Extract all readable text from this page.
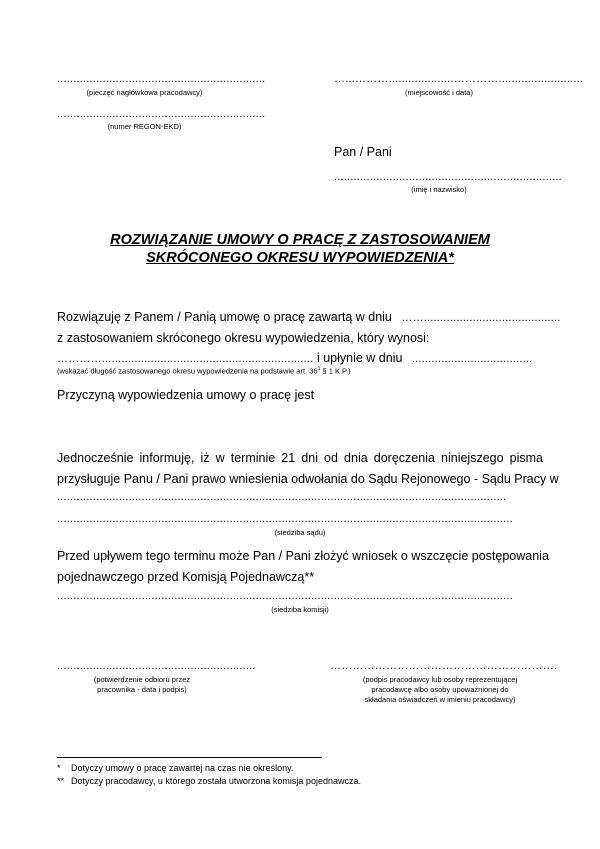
................................................................
(pieczęć nagłówkowa pracodawcy)
…...………....................…………..........................
(miejscowość i data)
................................................................
(numer REGON-EKD)
Pan / Pani
......................................................................
(imię i nazwisko)
ROZWIĄZANIE UMOWY O PRACĘ Z ZASTOSOWANIEM
SKRÓCONEGO OKRESU WYPOWIEDZENIA*
Rozwiązuję z Panem / Panią umowę o pracę zawartą w dniu ……..........................................
z zastosowaniem skróconego okresu wypowiedzenia, który wynosi:
…………................................................................. i upłynie w dniu .....................................
(wskazać długość zastosowanego okresu wypowiedzenia na podstawie art. $36^1$ § 1 K.P.)
Przyczyną wypowiedzenia umowy o pracę jest
Jednocześnie informuję, iż w terminie 21 dni od dnia doręczenia niniejszego pisma
przysługuje Panu / Pani prawo wniesienia odwołania do Sądu Rejonowego - Sądu Pracy w
..........................................................................................................................................
............................................................................................................................................
(siedziba sądu)
Przed upływem tego terminu może Pan / Pani złożyć wniosek o wszczęcie postępowania
pojednawczego przed Komisją Pojednawczą**
............................................................................................................................................
(siedziba komisji)
.............................................................
(potwierdzenie odbioru przez
pracownika - data i podpis)
…………………………………………………….
(podpis pracodawcy lub osoby reprezentującej
pracodawcę albo osoby upoważnionej do
składania oświadczeń w imieniu pracodawcy)
* Dotyczy umowy o pracę zawartej na czas nie określony.
** Dotyczy pracodawcy, u którego została utworzona komisja pojednawcza.
